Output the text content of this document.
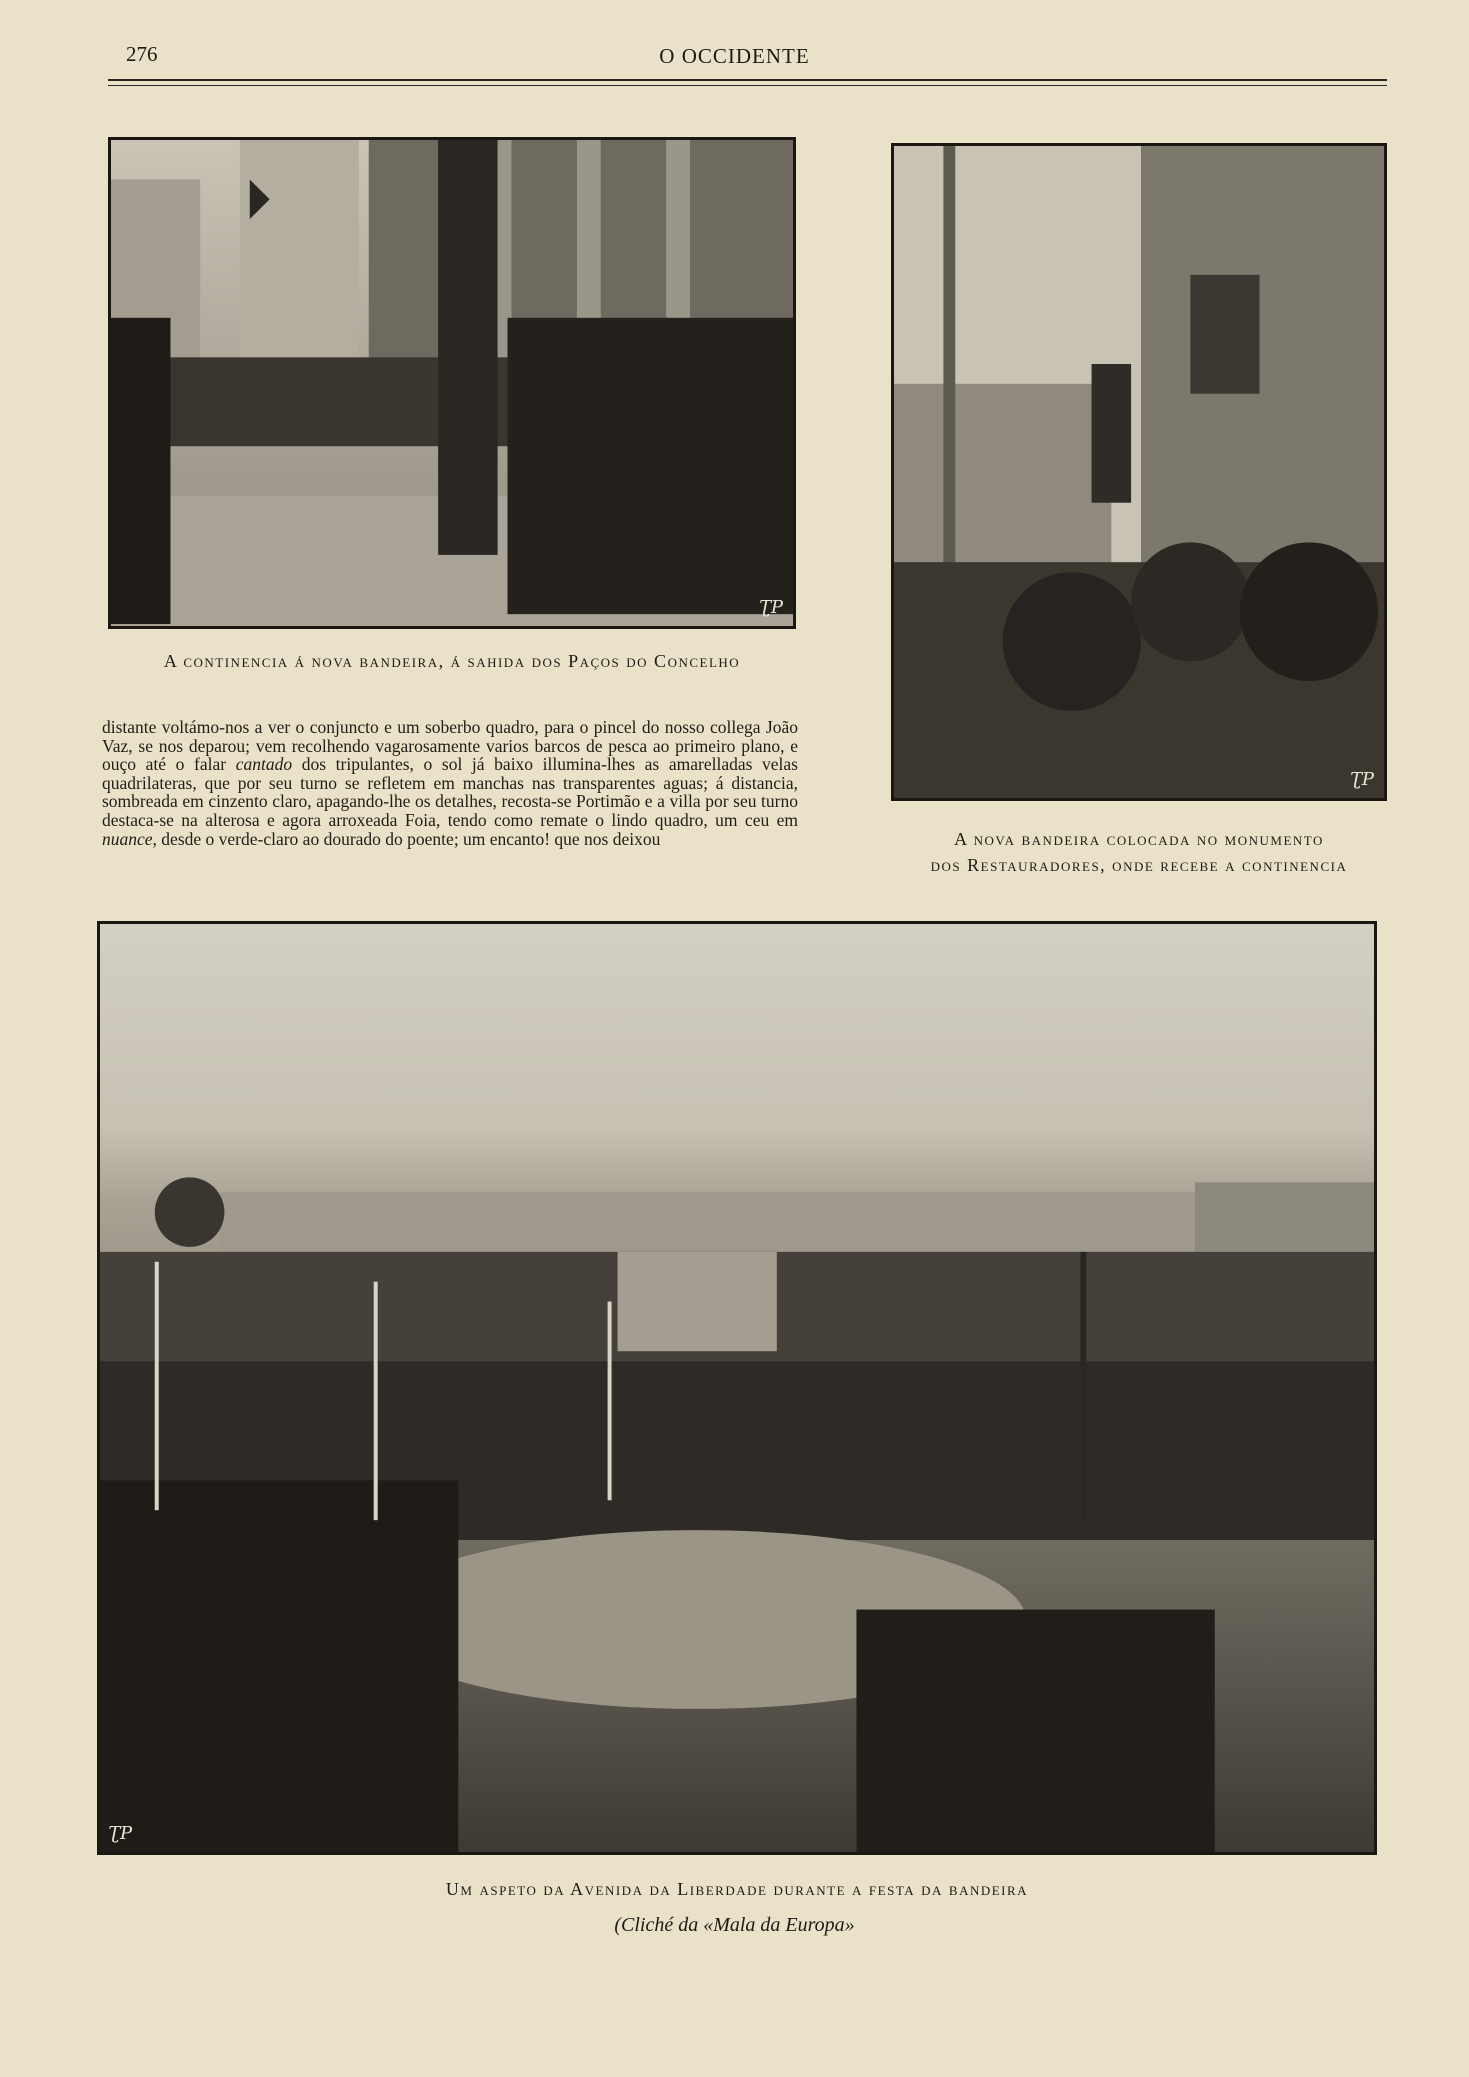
276	O OCCIDENTE
ƮP
ƮP
A continencia á nova bandeira, á sahida dos Paços do Concelho
A nova bandeira colocada no monumento
dos Restauradores, onde recebe a continencia

distante voltámo-nos a ver o conjuncto e um soberbo quadro, para o pincel do nosso collega João Vaz, se nos deparou; vem recolhendo vagarosamente varios barcos de pesca ao primeiro plano, e ouço até o falar cantado dos tripulantes, o sol já baixo illumina-lhes as amarelladas velas quadrilateras, que por seu turno se refletem em manchas nas transparentes aguas; á distancia, sombreada em cinzento claro, apagando-lhe os detalhes, recosta-se Portimão e a villa por seu turno destaca-se na alterosa e agora arroxeada Foia, tendo como remate o lindo quadro, um ceu em nuance, desde o verde-claro ao dourado do poente; um encanto! que nos deixou

ƮP
Um aspeto da Avenida da Liberdade durante a festa da bandeira
(Cliché da «Mala da Europa»
